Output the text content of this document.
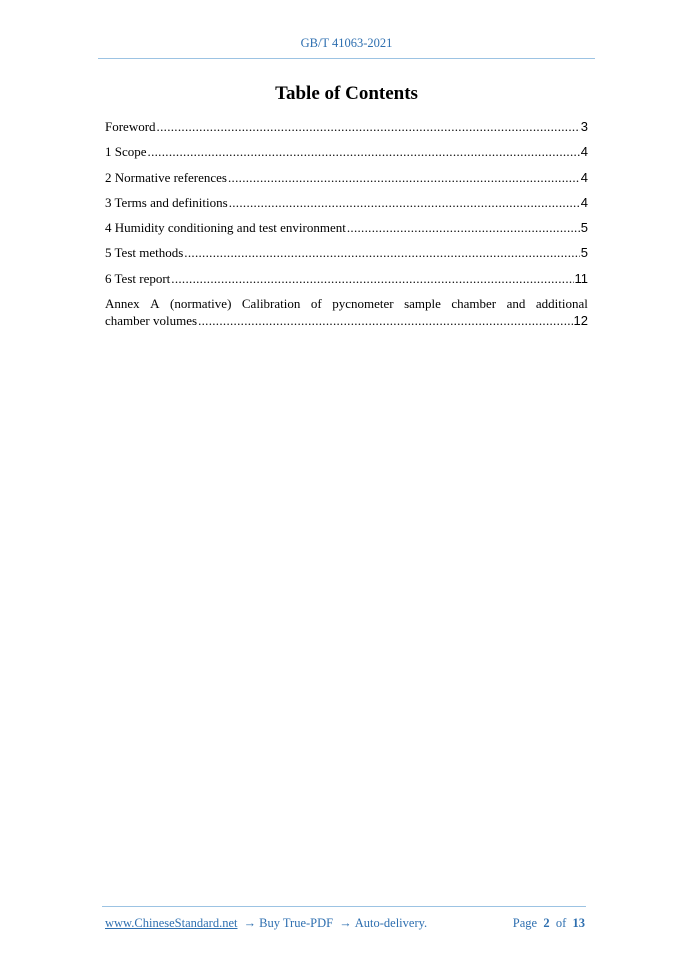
GB/T 41063-2021
Table of Contents
Foreword .....	3
1 Scope .....	4
2 Normative references .....	4
3 Terms and definitions .....	4
4 Humidity conditioning and test environment .....	5
5 Test methods .....	5
6 Test report .....	11
Annex A (normative) Calibration of pycnometer sample chamber and additional
chamber volumes .....	12
www.ChineseStandard.net → Buy True-PDF → Auto-delivery.	Page 2 of 13
